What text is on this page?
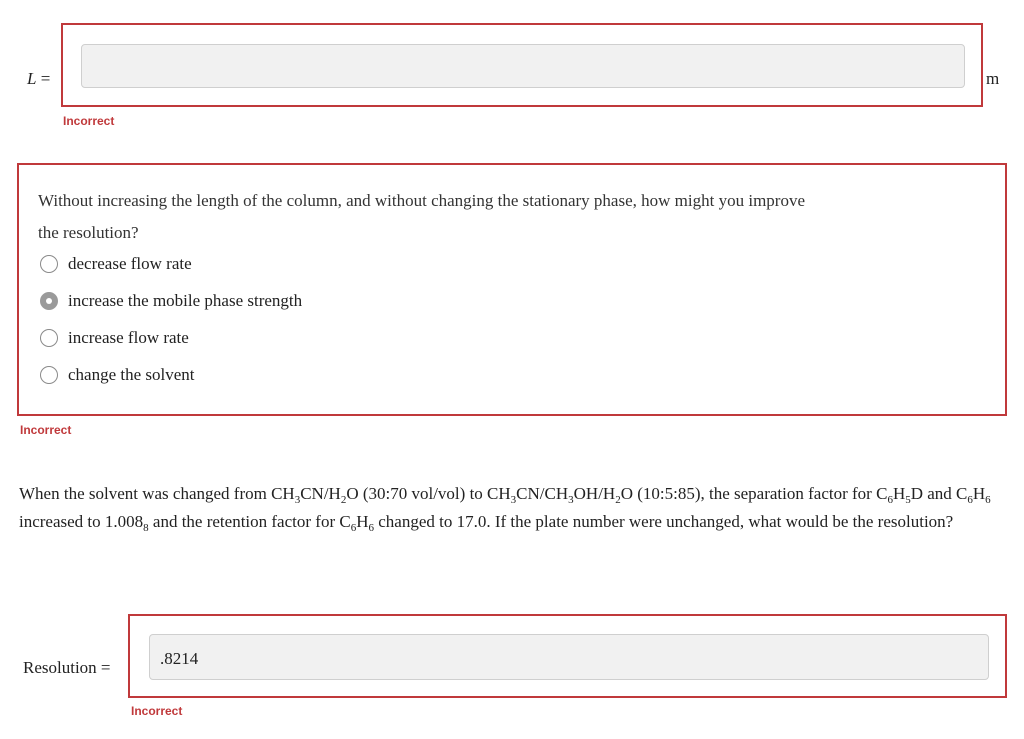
L =	m
Incorrect
Without increasing the length of the column, and without changing the stationary phase, how might you improve
the resolution?
decrease flow rate
increase the mobile phase strength
increase flow rate
change the solvent
Incorrect
When the solvent was changed from $CH_3CN/H_2O$ (30:70 vol/vol) to $CH_3CN/CH_3OH/H_2O$ (10:5:85), the separation factor for $C_6H_5D$ and $C_6H_6$ increased to $1.008_8$ and the retention factor for $C_6H_6$ changed to 17.0. If the plate number were unchanged, what would be the resolution?
Resolution =	.8214
Incorrect
